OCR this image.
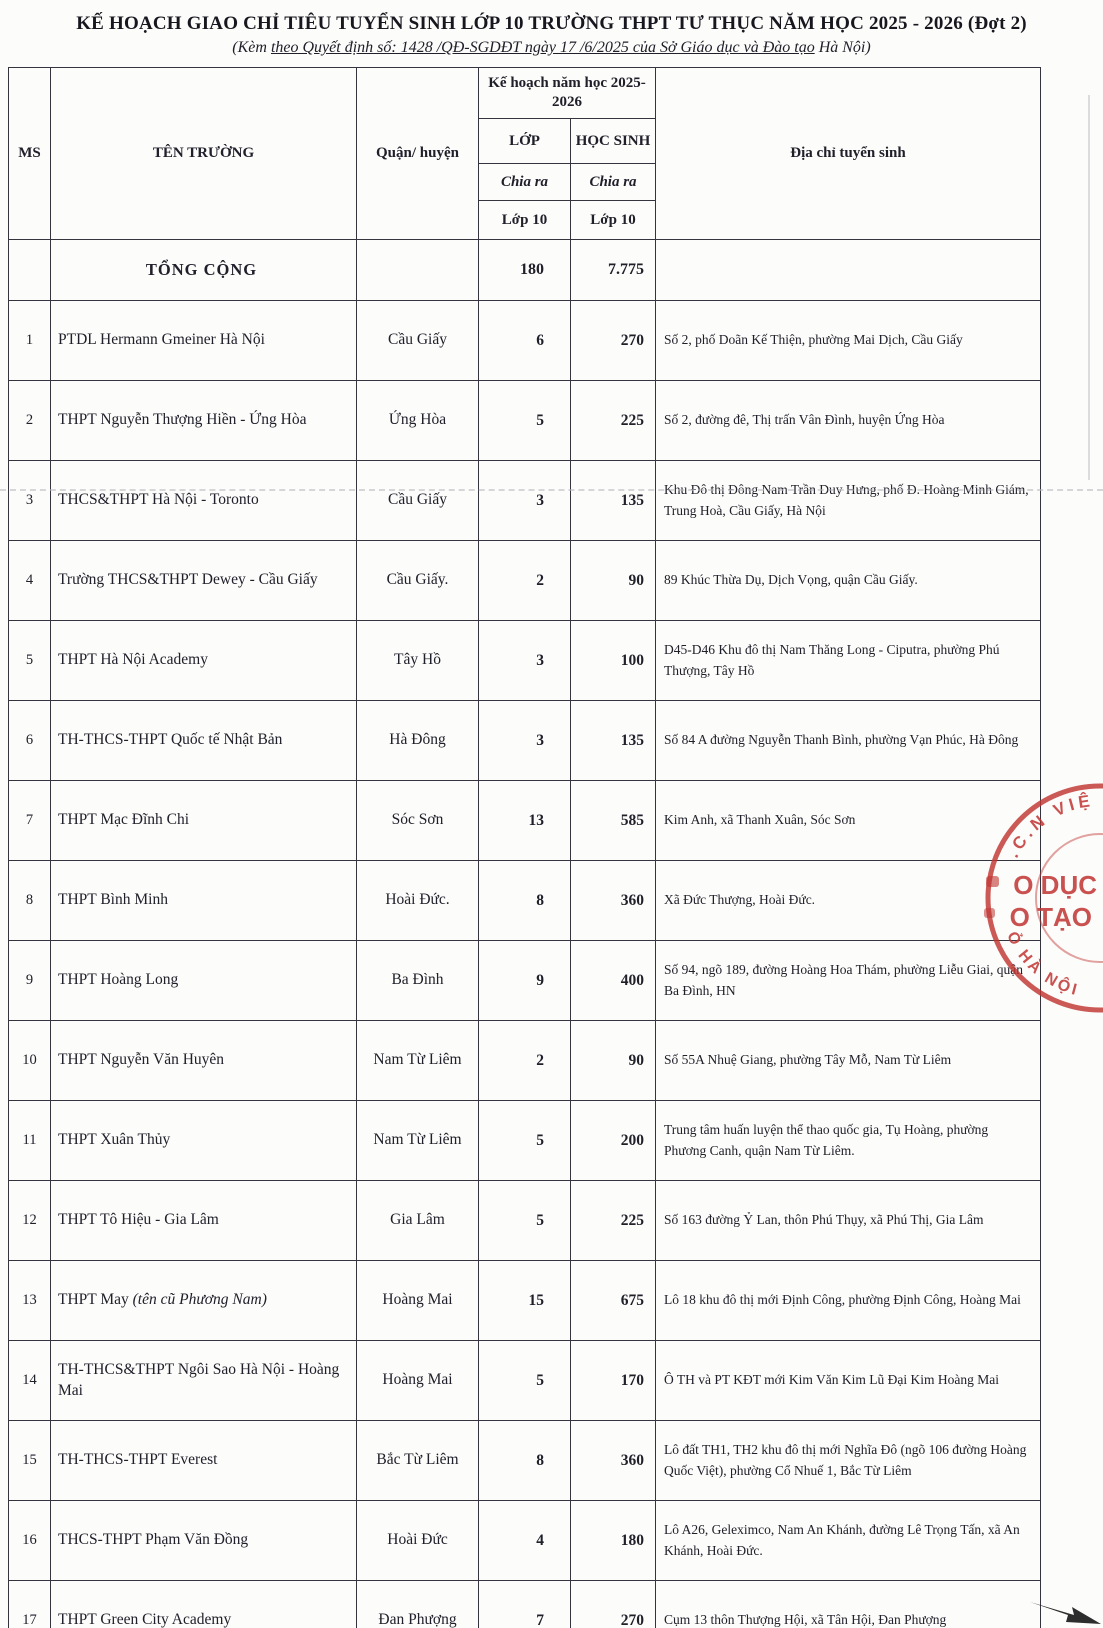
KẾ HOẠCH GIAO CHỈ TIÊU TUYỂN SINH LỚP 10 TRƯỜNG THPT TƯ THỤC NĂM HỌC 2025 - 2026 (Đợt 2)
(Kèm theo Quyết định số: 1428 /QĐ-SGDĐT ngày 17 /6/2025 của Sở Giáo dục và Đào tạo Hà Nội)
MS	TÊN TRƯỜNG	Quận/ huyện	Kế hoạch năm học 2025-2026		Địa chỉ tuyển sinh
			LỚP	HỌC SINH	
			Chia ra	Chia ra	
			Lớp 10	Lớp 10	
	TỔNG CỘNG		180	7.775	
1	PTDL Hermann Gmeiner Hà Nội	Cầu Giấy	6	270	Số 2, phố Doãn Kế Thiện, phường Mai Dịch, Cầu Giấy
2	THPT Nguyễn Thượng Hiền - Ứng Hòa	Ứng Hòa	5	225	Số 2, đường đê, Thị trấn Vân Đình, huyện Ứng Hòa
3	THCS&THPT Hà Nội - Toronto	Cầu Giấy	3	135	Khu Đô thị Đông Nam Trần Duy Hưng, phố Đ. Hoàng Minh Giám, Trung Hoà, Cầu Giấy, Hà Nội
4	Trường THCS&THPT Dewey - Cầu Giấy	Cầu Giấy.	2	90	89 Khúc Thừa Dụ, Dịch Vọng, quận Cầu Giấy.
5	THPT Hà Nội Academy	Tây Hồ	3	100	D45-D46 Khu đô thị Nam Thăng Long - Ciputra, phường Phú Thượng, Tây Hồ
6	TH-THCS-THPT Quốc tế Nhật Bản	Hà Đông	3	135	Số 84 A đường Nguyễn Thanh Bình, phường Vạn Phúc, Hà Đông
7	THPT Mạc Đĩnh Chi	Sóc Sơn	13	585	Kim Anh, xã Thanh Xuân, Sóc Sơn
8	THPT Bình Minh	Hoài Đức.	8	360	Xã Đức Thượng, Hoài Đức.
9	THPT Hoàng Long	Ba Đình	9	400	Số 94, ngõ 189, đường Hoàng Hoa Thám, phường Liễu Giai, quận Ba Đình, HN
10	THPT Nguyễn Văn Huyên	Nam Từ Liêm	2	90	Số 55A Nhuệ Giang, phường Tây Mỗ, Nam Từ Liêm
11	THPT Xuân Thủy	Nam Từ Liêm	5	200	Trung tâm huấn luyện thể thao quốc gia, Tụ Hoàng, phường Phương Canh, quận Nam Từ Liêm.
12	THPT Tô Hiệu - Gia Lâm	Gia Lâm	5	225	Số 163 đường Ỷ Lan, thôn Phú Thụy, xã Phú Thị, Gia Lâm
13	THPT May (tên cũ Phương Nam)	Hoàng Mai	15	675	Lô 18 khu đô thị mới Định Công, phường Định Công, Hoàng Mai
14	TH-THCS&THPT Ngôi Sao Hà Nội - Hoàng Mai	Hoàng Mai	5	170	Ô TH và PT KĐT mới Kim Văn Kim Lũ Đại Kim Hoàng Mai
15	TH-THCS-THPT Everest	Bắc Từ Liêm	8	360	Lô đất TH1, TH2 khu đô thị mới Nghĩa Đô (ngõ 106 đường Hoàng Quốc Việt), phường Cổ Nhuế 1, Bắc Từ Liêm
16	THCS-THPT Phạm Văn Đồng	Hoài Đức	4	180	Lô A26, Geleximco, Nam An Khánh, đường Lê Trọng Tấn, xã An Khánh, Hoài Đức.
17	THPT Green City Academy	Đan Phượng	7	270	Cụm 13 thôn Thượng Hội, xã Tân Hội, Đan Phượng

.C.N VIỆ
Ỏ HÀ NỘI
O DỤC
O TẠO
